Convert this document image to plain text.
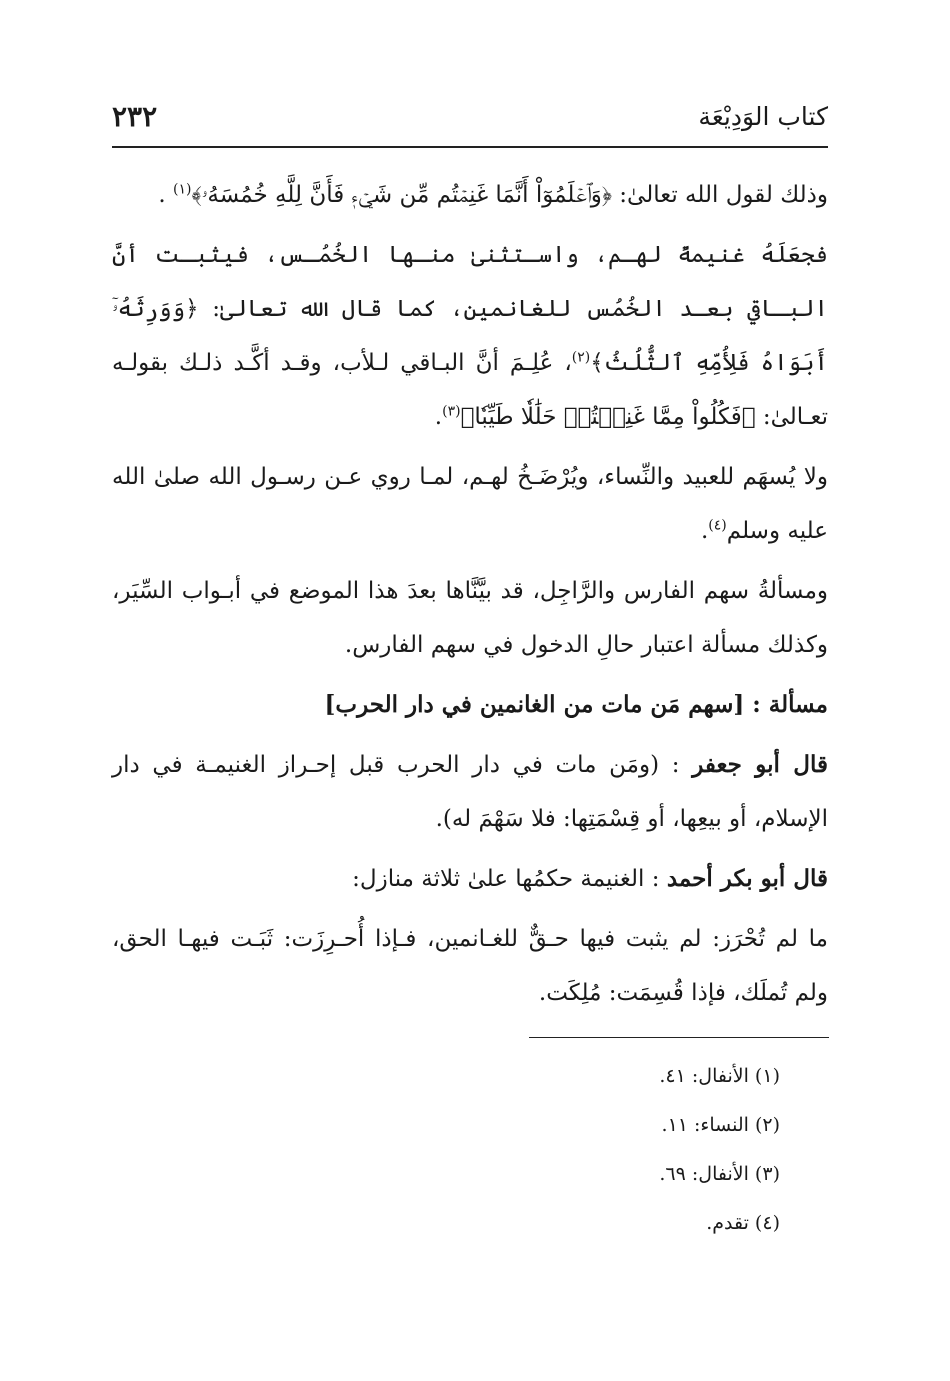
كتاب الوَدِيْعَة
٢٣٢

وذلك لقول الله تعالىٰ: ﴿وَٱعۡلَمُوٓاْ أَنَّمَا غَنِمۡتُم مِّن شَيۡءٖ فَأَنَّ لِلَّهِ خُمُسَهُۥ﴾$^{(١)}$ .

فجعَلَهُ غنيمةً لهـم، واسـتثنىٰ منـها الخُمُـس، فيثبـت أنَّ البـاقي بعـد الخُمُس للغانمين، كما قال الله تعالىٰ: ﴿وَوَرِثَهُۥٓ أَبَوَاهُ فَلِأُمِّهِ ٱلثُّلُثُ﴾$^{(٢)}$، عُلِـمَ أنَّ البـاقي لـلأب، وقـد أكَّـد ذلـك بقولـه تعـالىٰ: ﴿فَكُلُواْ مِمَّا غَنِمۡتُمۡ حَلَٰلٗا طَيِّبٗا﴾$^{(٣)}$.

ولا يُسهَم للعبيد والنِّساء، ويُرْضَـخُ لهـم، لمـا روي عـن رسـول الله صلىٰ الله عليه وسلم$^{(٤)}$.

ومسألةُ سهم الفارس والرَّاجِل، قد بيَّنَّاها بعدَ هذا الموضع في أبـواب السِّيَر، وكذلك مسألة اعتبار حالِ الدخول في سهم الفارس.

مسألة : [سهم مَن مات من الغانمين في دار الحرب]

قال أبو جعفر : (ومَن مات في دار الحرب قبل إحـراز الغنيمـة في دار الإسلام، أو بيعِها، أو قِسْمَتِها: فلا سَهْمَ له).

قال أبو بكر أحمد : الغنيمة حكمُها علىٰ ثلاثة منازل:

ما لم تُحْرَز: لم يثبت فيها حـقٌّ للغـانمين، فـإذا أُحـرِزَت: ثَبَـت فيهـا الحق، ولم تُملَك، فإذا قُسِمَت: مُلِكَت.

(١) الأنفال: ٤١.

(٢) النساء: ١١.

(٣) الأنفال: ٦٩.

(٤) تقدم.
